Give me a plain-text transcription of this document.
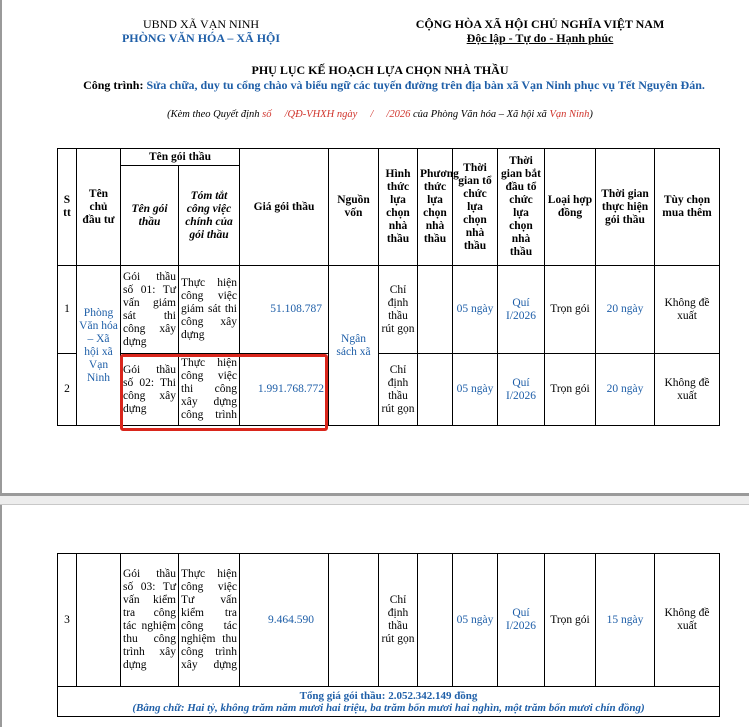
UBND XÃ VẠN NINH
PHÒNG VĂN HÓA – XÃ HỘI
CỘNG HÒA XÃ HỘI CHỦ NGHĨA VIỆT NAM
Độc lập - Tự do - Hạnh phúc
PHỤ LỤC KẾ HOẠCH LỰA CHỌN NHÀ THẦU
Công trình: Sửa chữa, duy tu cổng chào và biểu ngữ các tuyến đường trên địa bàn xã Vạn Ninh phục vụ Tết Nguyên Đán.
(Kèm theo Quyết định số /QĐ-VHXH ngày / /2026 của Phòng Văn hóa – Xã hội xã Vạn Ninh)
S tt	Tên chủ đầu tư	Tên gói thầu		Giá gói thầu	Nguồn vốn	Hình thức lựa chọn nhà thầu	Phương thức lựa chọn nhà thầu	Thời gian tổ chức lựa chọn nhà thầu	Thời gian bắt đầu tổ chức lựa chọn nhà thầu	Loại hợp đồng	Thời gian thực hiện gói thầu	Tùy chọn mua thêm
		Tên gói thầu	Tóm tắt công việc chính của gói thầu									
1	Phòng Văn hóa – Xã hội xã Vạn Ninh	Gói thầu số 01: Tư vấn giám sát thi công xây dựng	Thực hiện công việc giám sát thi công xây dựng	51.108.787	Ngân sách xã	Chỉ định thầu rút gọn		05 ngày	Quí I/2026	Trọn gói	20 ngày	Không đề xuất
2		Gói thầu số 02: Thi công xây dựng	Thực hiện công việc thi công xây dựng công trình	1.991.768.772		Chỉ định thầu rút gọn		05 ngày	Quí I/2026	Trọn gói	20 ngày	Không đề xuất
3		Gói thầu số 03: Tư vấn kiểm tra công tác nghiệm thu công trình xây dựng	Thực hiện công việc Tư vấn kiểm tra công tác nghiệm thu công trình xây dựng	9.464.590		Chỉ định thầu rút gọn		05 ngày	Quí I/2026	Trọn gói	15 ngày	Không đề xuất

Tổng giá gói thầu: 2.052.342.149 đồng
(Bằng chữ: Hai tỷ, không trăm năm mươi hai triệu, ba trăm bốn mươi hai nghìn, một trăm bốn mươi chín đồng)
